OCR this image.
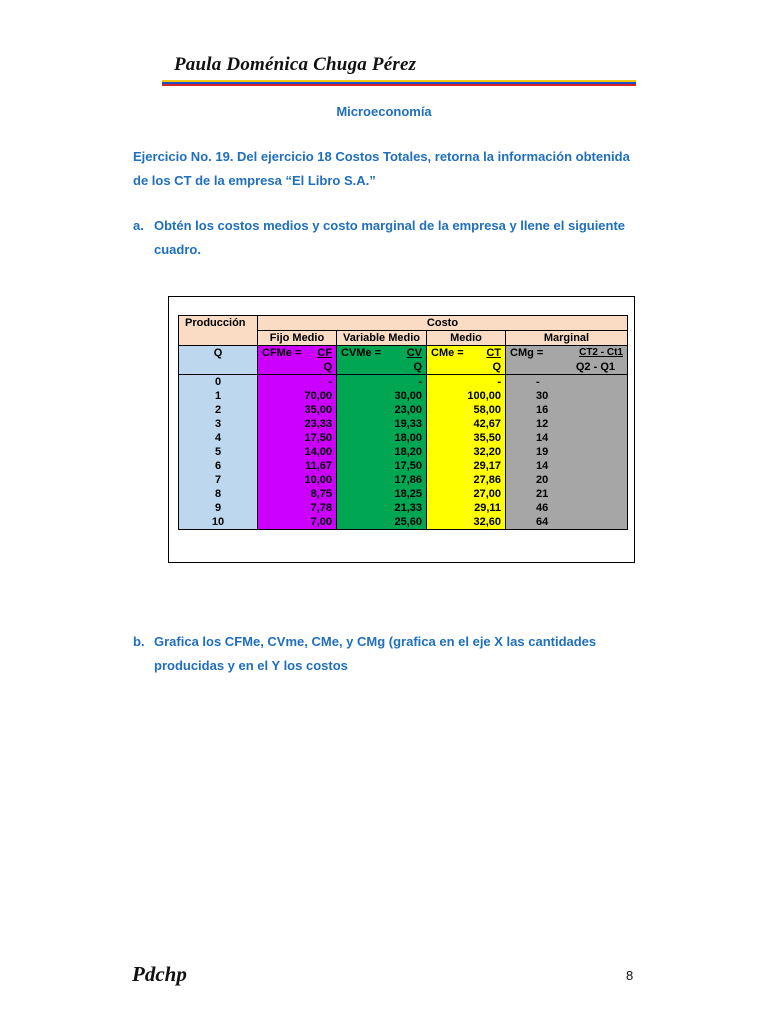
Paula Doménica Chuga Pérez
Microeconomía
Ejercicio No. 19. Del ejercicio 18 Costos Totales, retorna la información obtenida
de los CT de la empresa “El Libro S.A.”
a. Obtén los costos medios y costo marginal de la empresa y llene el siguiente
cuadro.
Producción	Costo			
	Fijo Medio	Variable Medio	Medio	Marginal
Q	CFMe = CF	CVMe = CV	CMe = CT	CMg = CT2 - Ct1

	Q	Q	Q	Q2 - Q1
0	-	-	-	-
1	70,00	30,00	100,00	30
2	35,00	23,00	58,00	16
3	23,33	19,33	42,67	12
4	17,50	18,00	35,50	14
5	14,00	18,20	32,20	19
6	11,67	17,50	29,17	14
7	10,00	17,86	27,86	20
8	8,75	18,25	27,00	21
9	7,78	21,33	29,11	46
10	7,00	25,60	32,60	64
b. Grafica los CFMe, CVme, CMe, y CMg (grafica en el eje X las cantidades
producidas y en el Y los costos
Pdchp	8
